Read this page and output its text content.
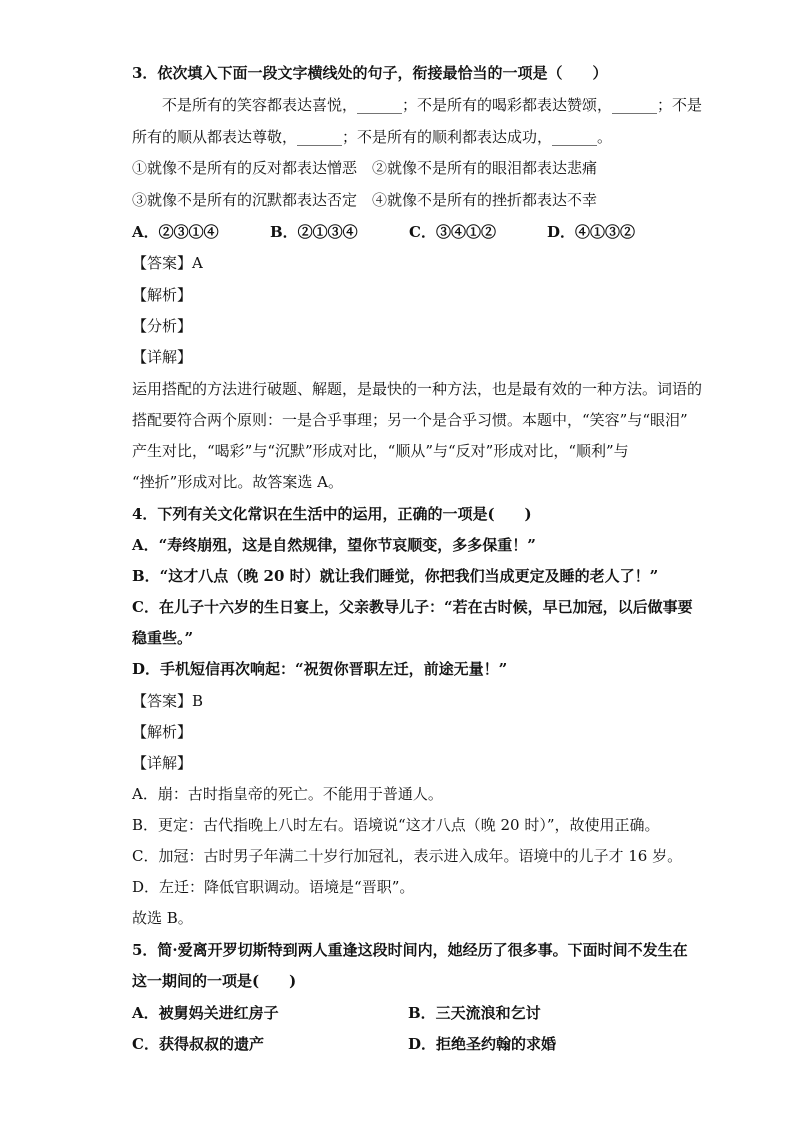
3．依次填入下面一段文字横线处的句子，衔接最恰当的一项是（　　）
不是所有的笑容都表达喜悦，______；不是所有的喝彩都表达赞颂，______；不是
所有的顺从都表达尊敬，______；不是所有的顺利都表达成功，______。
①就像不是所有的反对都表达憎恶　②就像不是所有的眼泪都表达悲痛
③就像不是所有的沉默都表达否定　④就像不是所有的挫折都表达不幸
A．②③①④	B．②①③④	C．③④①②	D．④①③②
【答案】A
【解析】
【分析】
【详解】
运用搭配的方法进行破题、解题，是最快的一种方法，也是最有效的一种方法。词语的
搭配要符合两个原则：一是合乎事理；另一个是合乎习惯。本题中，“笑容”与“眼泪”
产生对比，“喝彩”与“沉默”形成对比，“顺从”与“反对”形成对比，“顺利”与
“挫折”形成对比。故答案选 A。
4．下列有关文化常识在生活中的运用，正确的一项是(　　)
A．“寿终崩殂，这是自然规律，望你节哀顺变，多多保重！”
B．“这才八点（晚 20 时）就让我们睡觉，你把我们当成更定及睡的老人了！”
C．在儿子十六岁的生日宴上，父亲教导儿子：“若在古时候，早已加冠，以后做事要
稳重些。”
D．手机短信再次响起：“祝贺你晋职左迁，前途无量！”
【答案】B
【解析】
【详解】
A．崩：古时指皇帝的死亡。不能用于普通人。
B．更定：古代指晚上八时左右。语境说“这才八点（晚 20 时）”，故使用正确。
C．加冠：古时男子年满二十岁行加冠礼，表示进入成年。语境中的儿子才 16 岁。
D．左迁：降低官职调动。语境是“晋职”。
故选 B。
5．简·爱离开罗切斯特到两人重逢这段时间内，她经历了很多事。下面时间不发生在
这一期间的一项是(　　)
A．被舅妈关进红房子	B．三天流浪和乞讨
C．获得叔叔的遗产	D．拒绝圣约翰的求婚
